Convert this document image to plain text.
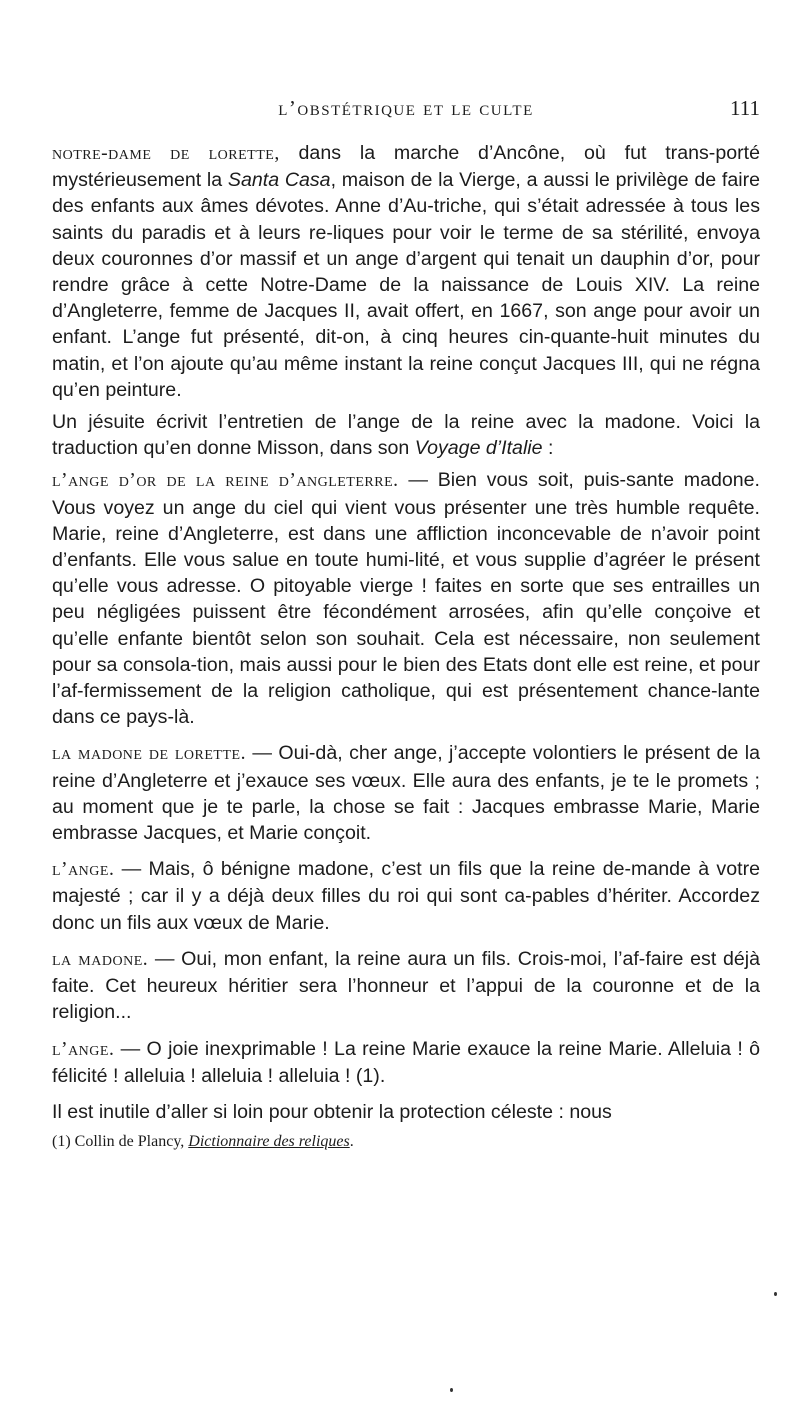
l’obstétrique et le culte	111

notre-dame de lorette, dans la marche d’Ancône, où fut trans-porté mystérieusement la Santa Casa, maison de la Vierge, a aussi le privilège de faire des enfants aux âmes dévotes. Anne d’Au-triche, qui s’était adressée à tous les saints du paradis et à leurs re-liques pour voir le terme de sa stérilité, envoya deux couronnes d’or massif et un ange d’argent qui tenait un dauphin d’or, pour rendre grâce à cette Notre-Dame de la naissance de Louis XIV. La reine d’Angleterre, femme de Jacques II, avait offert, en 1667, son ange pour avoir un enfant. L’ange fut présenté, dit-on, à cinq heures cin-quante-huit minutes du matin, et l’on ajoute qu’au même instant la reine conçut Jacques III, qui ne régna qu’en peinture.

Un jésuite écrivit l’entretien de l’ange de la reine avec la madone. Voici la traduction qu’en donne Misson, dans son Voyage d’Italie :

l’ange d’or de la reine d’angleterre. — Bien vous soit, puis-sante madone. Vous voyez un ange du ciel qui vient vous présenter une très humble requête. Marie, reine d’Angleterre, est dans une affliction inconcevable de n’avoir point d’enfants. Elle vous salue en toute humi-lité, et vous supplie d’agréer le présent qu’elle vous adresse. O pitoyable vierge ! faites en sorte que ses entrailles un peu négligées puissent être fécondément arrosées, afin qu’elle conçoive et qu’elle enfante bientôt selon son souhait. Cela est nécessaire, non seulement pour sa consola-tion, mais aussi pour le bien des Etats dont elle est reine, et pour l’af-fermissement de la religion catholique, qui est présentement chance-lante dans ce pays-là.

la madone de lorette. — Oui-dà, cher ange, j’accepte volontiers le présent de la reine d’Angleterre et j’exauce ses vœux. Elle aura des enfants, je te le promets ; au moment que je te parle, la chose se fait : Jacques embrasse Marie, Marie embrasse Jacques, et Marie conçoit.

l’ange. — Mais, ô bénigne madone, c’est un fils que la reine de-mande à votre majesté ; car il y a déjà deux filles du roi qui sont ca-pables d’hériter. Accordez donc un fils aux vœux de Marie.

la madone. — Oui, mon enfant, la reine aura un fils. Crois-moi, l’af-faire est déjà faite. Cet heureux héritier sera l’honneur et l’appui de la couronne et de la religion...

l’ange. — O joie inexprimable ! La reine Marie exauce la reine Marie. Alleluia ! ô félicité ! alleluia ! alleluia ! alleluia ! (1).

Il est inutile d’aller si loin pour obtenir la protection céleste : nous

(1) Collin de Plancy, Dictionnaire des reliques.
